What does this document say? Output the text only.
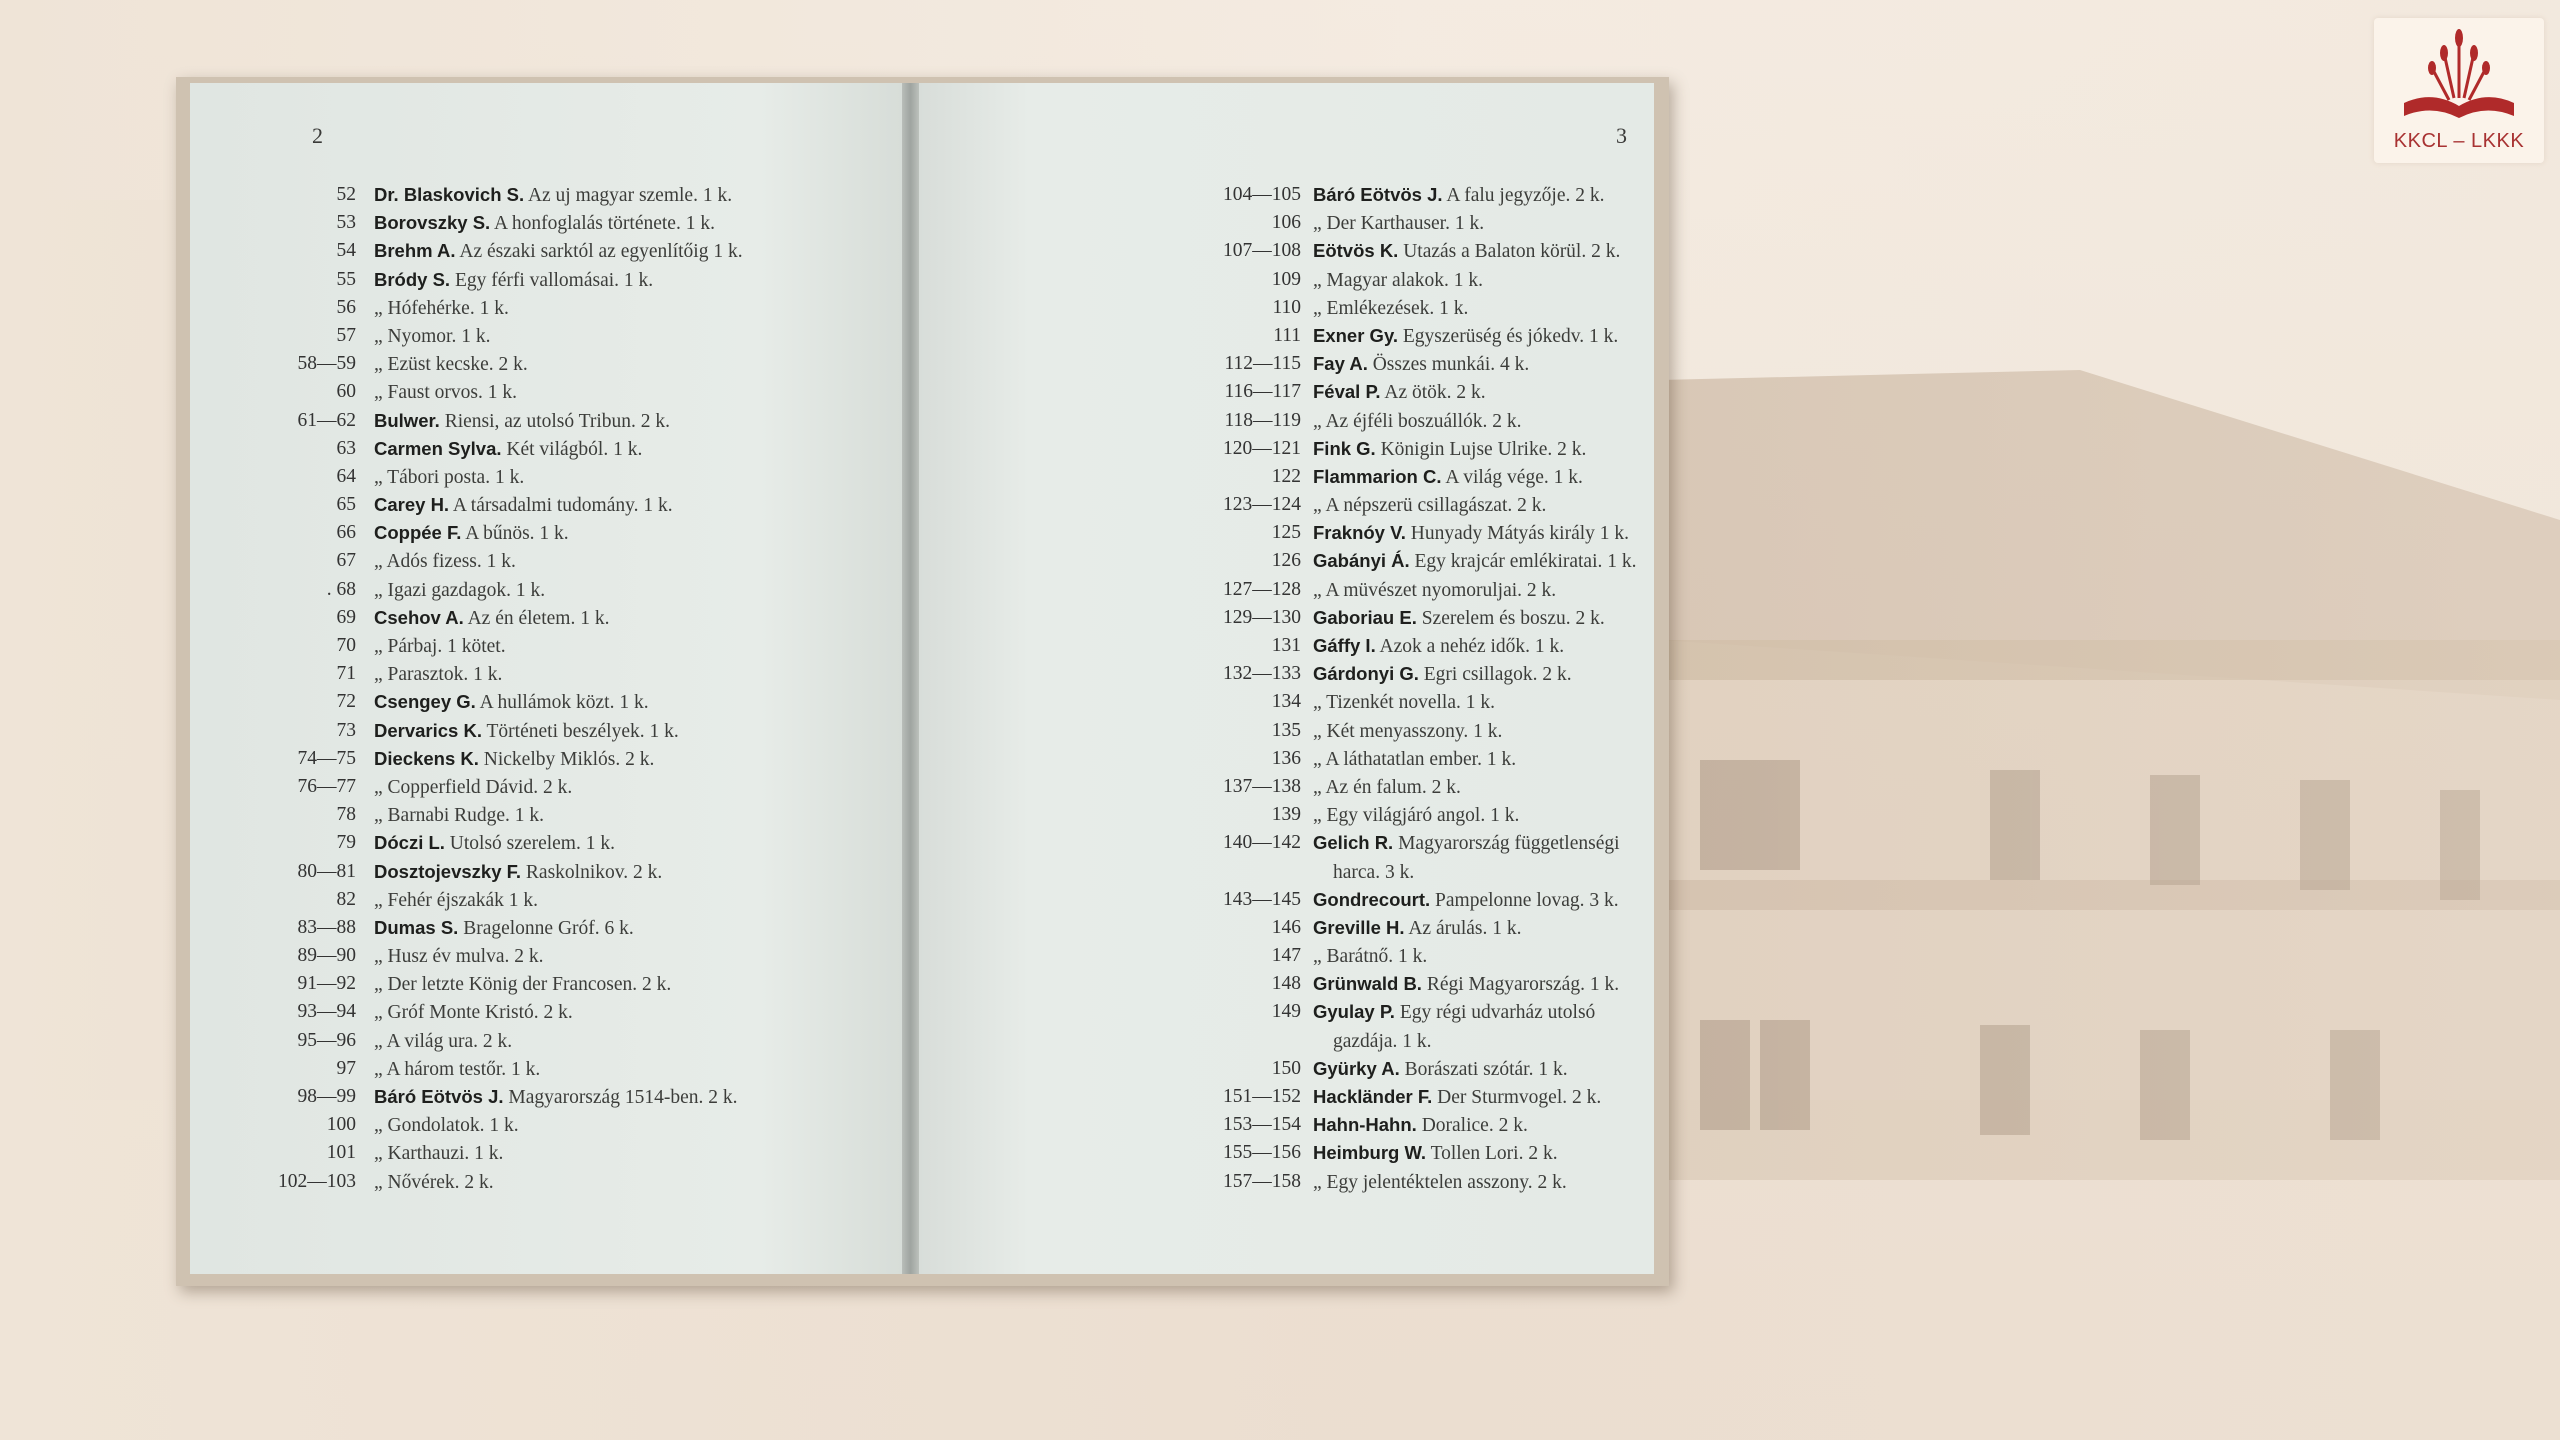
KKCL – LKKK
2
52 Dr. Blaskovich S. Az uj magyar szemle. 1 k.
53 Borovszky S. A honfoglalás története. 1 k.
54 Brehm A. Az északi sarktól az egyenlítőig 1 k.
55 Bródy S. Egy férfi vallomásai. 1 k.
56 „ Hófehérke. 1 k.
57 „ Nyomor. 1 k.
58—59 „ Ezüst kecske. 2 k.
60 „ Faust orvos. 1 k.
61—62 Bulwer. Riensi, az utolsó Tribun. 2 k.
63 Carmen Sylva. Két világból. 1 k.
64 „ Tábori posta. 1 k.
65 Carey H. A társadalmi tudomány. 1 k.
66 Coppée F. A bűnös. 1 k.
67 „ Adós fizess. 1 k.
. 68 „ Igazi gazdagok. 1 k.
69 Csehov A. Az én életem. 1 k.
70 „ Párbaj. 1 kötet.
71 „ Parasztok. 1 k.
72 Csengey G. A hullámok közt. 1 k.
73 Dervarics K. Történeti beszélyek. 1 k.
74—75 Dieckens K. Nickelby Miklós. 2 k.
76—77 „ Copperfield Dávid. 2 k.
78 „ Barnabi Rudge. 1 k.
79 Dóczi L. Utolsó szerelem. 1 k.
80—81 Dosztojevszky F. Raskolnikov. 2 k.
82 „ Fehér éjszakák 1 k.
83—88 Dumas S. Bragelonne Gróf. 6 k.
89—90 „ Husz év mulva. 2 k.
91—92 „ Der letzte König der Francosen. 2 k.
93—94 „ Gróf Monte Kristó. 2 k.
95—96 „ A világ ura. 2 k.
97 „ A három testőr. 1 k.
98—99 Báró Eötvös J. Magyarország 1514-ben. 2 k.
100 „ Gondolatok. 1 k.
101 „ Karthauzi. 1 k.
102—103 „ Nővérek. 2 k.
3
104—105 Báró Eötvös J. A falu jegyzője. 2 k.
106 „ Der Karthauser. 1 k.
107—108 Eötvös K. Utazás a Balaton körül. 2 k.
109 „ Magyar alakok. 1 k.
110 „ Emlékezések. 1 k.
111 Exner Gy. Egyszerüség és jókedv. 1 k.
112—115 Fay A. Összes munkái. 4 k.
116—117 Féval P. Az ötök. 2 k.
118—119 „ Az éjféli boszuállók. 2 k.
120—121 Fink G. Königin Lujse Ulrike. 2 k.
122 Flammarion C. A világ vége. 1 k.
123—124 „ A népszerü csillagászat. 2 k.
125 Fraknóy V. Hunyady Mátyás király 1 k.
126 Gabányi Á. Egy krajcár emlékiratai. 1 k.
127—128 „ A müvészet nyomoruljai. 2 k.
129—130 Gaboriau E. Szerelem és boszu. 2 k.
131 Gáffy I. Azok a nehéz idők. 1 k.
132—133 Gárdonyi G. Egri csillagok. 2 k.
134 „ Tizenkét novella. 1 k.
135 „ Két menyasszony. 1 k.
136 „ A láthatatlan ember. 1 k.
137—138 „ Az én falum. 2 k.
139 „ Egy világjáró angol. 1 k.
140—142 Gelich R. Magyarország függetlenségi
harca. 3 k.
143—145 Gondrecourt. Pampelonne lovag. 3 k.
146 Greville H. Az árulás. 1 k.
147 „ Barátnő. 1 k.
148 Grünwald B. Régi Magyarország. 1 k.
149 Gyulay P. Egy régi udvarház utolsó
gazdája. 1 k.
150 Gyürky A. Borászati szótár. 1 k.
151—152 Hackländer F. Der Sturmvogel. 2 k.
153—154 Hahn-Hahn. Doralice. 2 k.
155—156 Heimburg W. Tollen Lori. 2 k.
157—158 „ Egy jelentéktelen asszony. 2 k.
